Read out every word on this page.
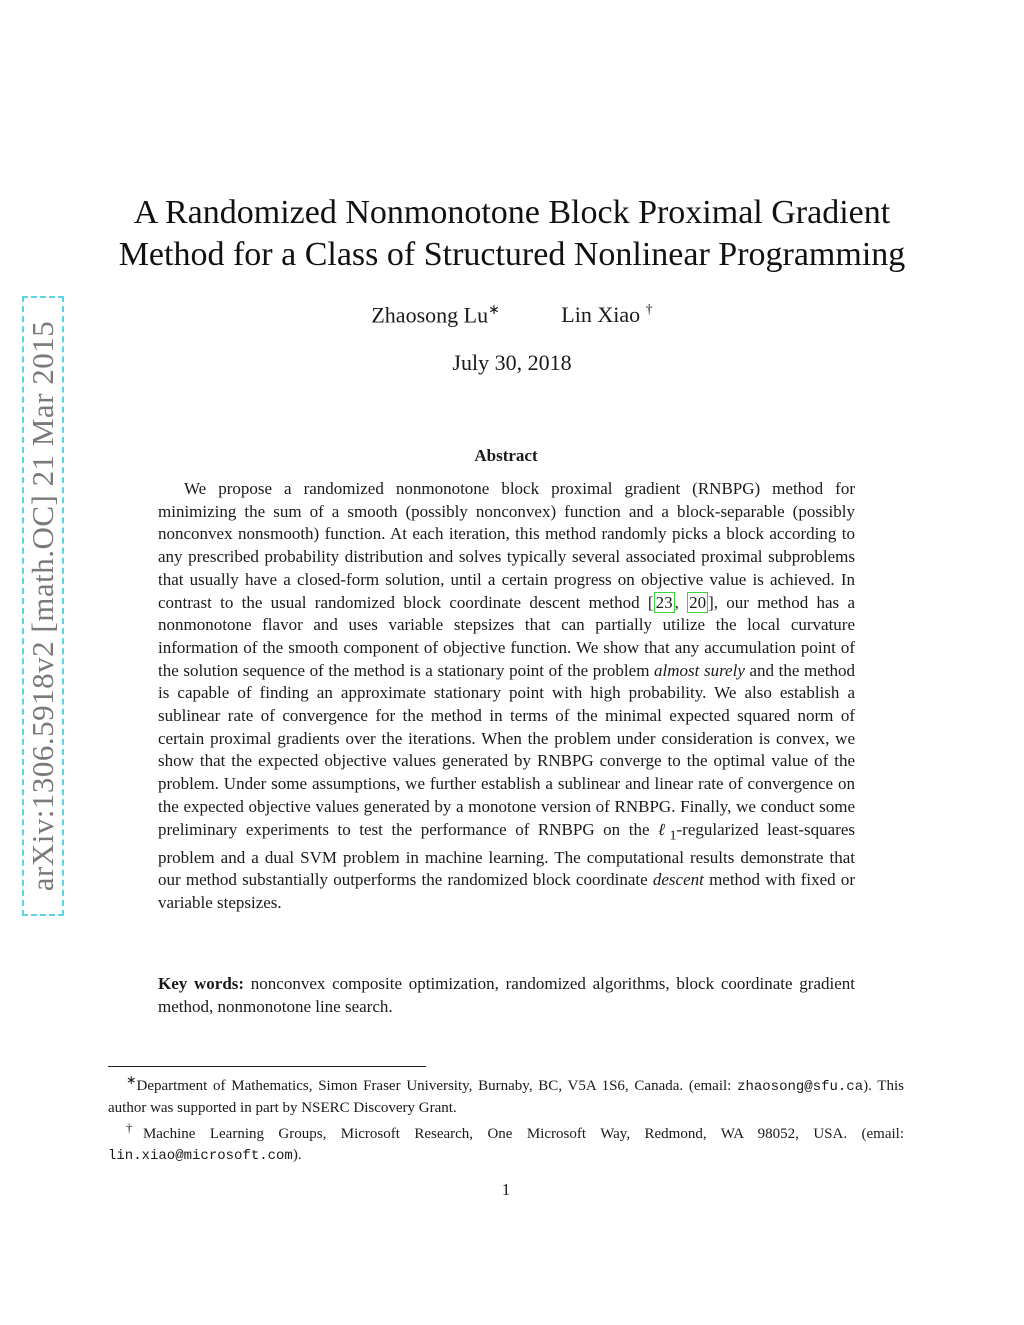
arXiv:1306.5918v2 [math.OC] 21 Mar 2015
A Randomized Nonmonotone Block Proximal Gradient
Method for a Class of Structured Nonlinear Programming
Zhaosong Lu∗	Lin Xiao †
July 30, 2018
Abstract
We propose a randomized nonmonotone block proximal gradient (RNBPG) method for minimizing the sum of a smooth (possibly nonconvex) function and a block-separable (possibly nonconvex nonsmooth) function. At each iteration, this method randomly picks a block according to any prescribed probability distribution and solves typically several associated proximal subproblems that usually have a closed-form solution, until a certain progress on objective value is achieved. In contrast to the usual randomized block coordinate descent method [ 23 , 20 ], our method has a nonmonotone flavor and uses variable stepsizes that can partially utilize the local curvature information of the smooth component of objective function. We show that any accumulation point of the solution sequence of the method is a stationary point of the problem almost surely and the method is capable of finding an approximate stationary point with high probability. We also establish a sublinear rate of convergence for the method in terms of the minimal expected squared norm of certain proximal gradients over the iterations. When the problem under consideration is convex, we show that the expected objective values generated by RNBPG converge to the optimal value of the problem. Under some assumptions, we further establish a sublinear and linear rate of convergence on the expected objective values generated by a monotone version of RNBPG. Finally, we conduct some preliminary experiments to test the performance of RNBPG on the ℓ$_1$-regularized least-squares problem and a dual SVM problem in machine learning. The computational results demonstrate that our method substantially outperforms the randomized block coordinate descent method with fixed or variable stepsizes.
Key words: nonconvex composite optimization, randomized algorithms, block coordinate gradient method, nonmonotone line search.

∗Department of Mathematics, Simon Fraser University, Burnaby, BC, V5A 1S6, Canada. (email: zhaosong@sfu.ca). This author was supported in part by NSERC Discovery Grant.

†Machine Learning Groups, Microsoft Research, One Microsoft Way, Redmond, WA 98052, USA. (email: lin.xiao@microsoft.com).

1
